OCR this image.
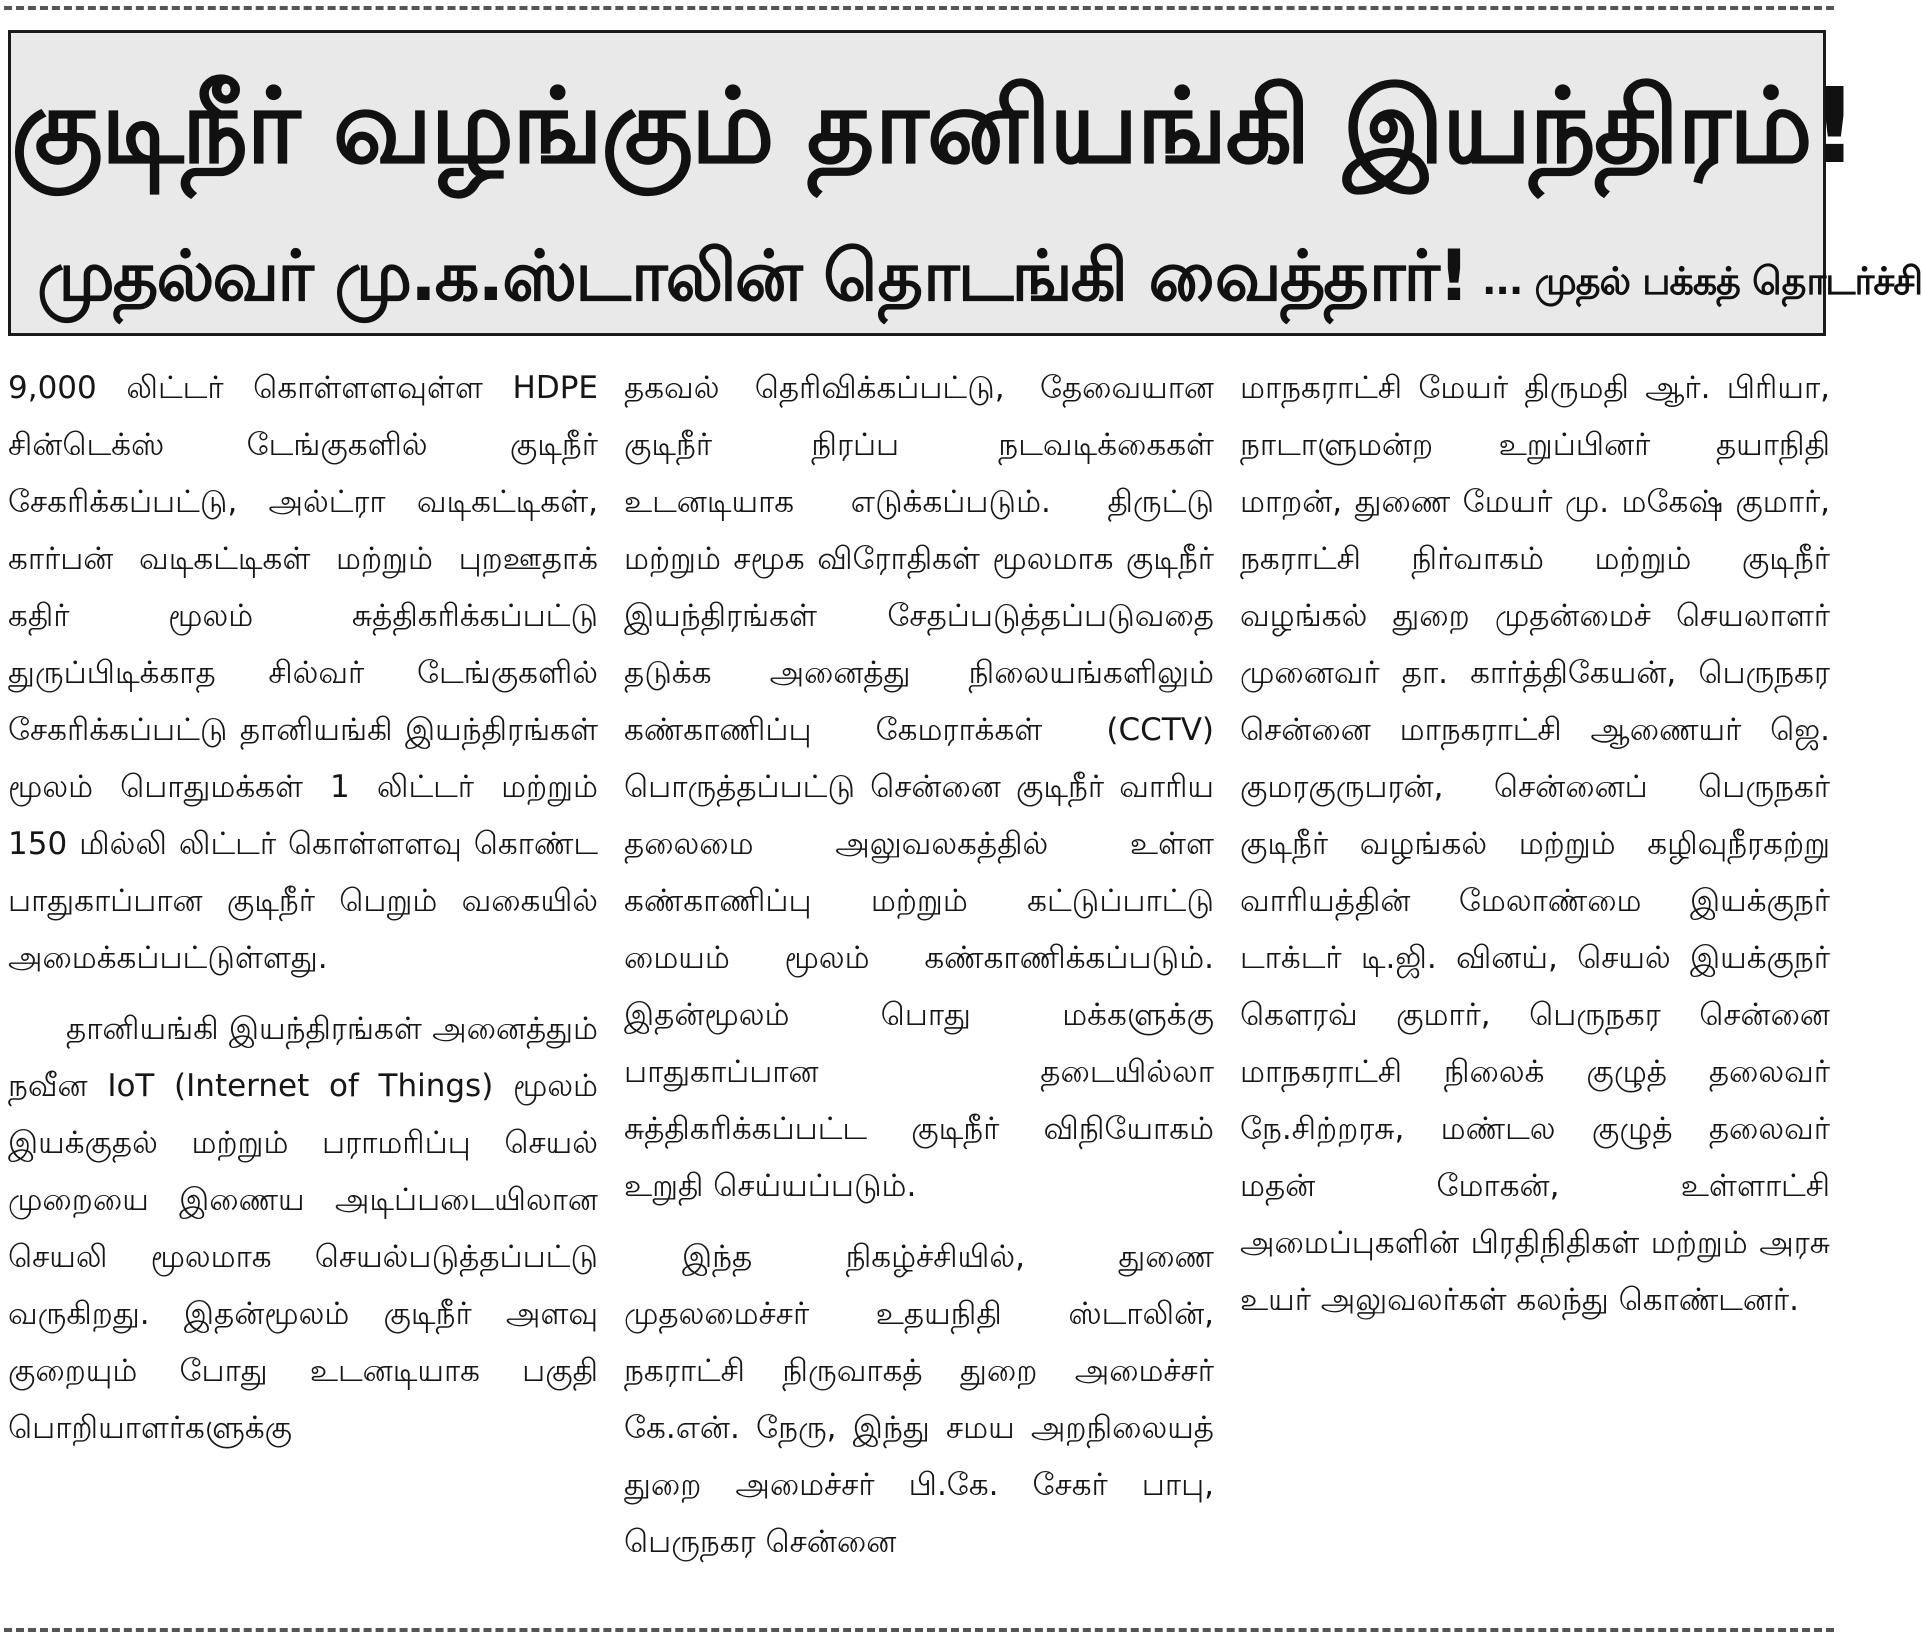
குடிநீர் வழங்கும் தானியங்கி இயந்திரம்!
முதல்வர் மு.க.ஸ்டாலின் தொடங்கி வைத்தார்! ... முதல் பக்கத் தொடர்ச்சி

9,000 லிட்டர் கொள்ளளவுள்ள HDPE சின்டெக்ஸ் டேங்குகளில் குடிநீர் சேகரிக்கப்பட்டு, அல்ட்ரா வடிகட்டிகள், கார்பன் வடிகட்டிகள் மற்றும் புறஊதாக் கதிர் மூலம் சுத்திகரிக்கப்பட்டு துருப்பிடிக்காத சில்வர் டேங்குகளில் சேகரிக்கப்பட்டு தானியங்கி இயந்திரங்கள் மூலம் பொதுமக்கள் 1 லிட்டர் மற்றும் 150 மில்லி லிட்டர் கொள்ளளவு கொண்ட பாதுகாப்பான குடிநீர் பெறும் வகையில் அமைக்கப்பட்டுள்ளது.

தானியங்கி இயந்திரங்கள் அனைத்தும் நவீன IoT (Internet of Things) மூலம் இயக்குதல் மற்றும் பராமரிப்பு செயல் முறையை இணைய அடிப்படையிலான செயலி மூலமாக செயல்படுத்தப்பட்டு வருகிறது. இதன்மூலம் குடிநீர் அளவு குறையும் போது உடனடியாக பகுதி பொறியாளர்களுக்கு

தகவல் தெரிவிக்கப்பட்டு, தேவையான குடிநீர் நிரப்ப நடவடிக்கைகள் உடனடியாக எடுக்கப்படும். திருட்டு மற்றும் சமூக விரோதிகள் மூலமாக குடிநீர் இயந்திரங்கள் சேதப்படுத்தப்படுவதை தடுக்க அனைத்து நிலையங்களிலும் கண்காணிப்பு கேமராக்கள் (CCTV) பொருத்தப்பட்டு சென்னை குடிநீர் வாரிய தலைமை அலுவலகத்தில் உள்ள கண்காணிப்பு மற்றும் கட்டுப்பாட்டு மையம் மூலம் கண்காணிக்கப்படும். இதன்மூலம் பொது மக்களுக்கு பாதுகாப்பான தடையில்லா சுத்திகரிக்கப்பட்ட குடிநீர் விநியோகம் உறுதி செய்யப்படும்.

இந்த நிகழ்ச்சியில், துணை முதலமைச்சர் உதயநிதி ஸ்டாலின், நகராட்சி நிருவாகத் துறை அமைச்சர் கே.என். நேரு, இந்து சமய அறநிலையத் துறை அமைச்சர் பி.கே. சேகர் பாபு, பெருநகர சென்னை

மாநகராட்சி மேயர் திருமதி ஆர். பிரியா, நாடாளுமன்ற உறுப்பினர் தயாநிதி மாறன், துணை மேயர் மு. மகேஷ் குமார், நகராட்சி நிர்வாகம் மற்றும் குடிநீர் வழங்கல் துறை முதன்மைச் செயலாளர் முனைவர் தா. கார்த்திகேயன், பெருநகர சென்னை மாநகராட்சி ஆணையர் ஜெ. குமரகுருபரன், சென்னைப் பெருநகர் குடிநீர் வழங்கல் மற்றும் கழிவுநீரகற்று வாரியத்தின் மேலாண்மை இயக்குநர் டாக்டர் டி.ஜி. வினய், செயல் இயக்குநர் கௌரவ் குமார், பெருநகர சென்னை மாநகராட்சி நிலைக் குழுத் தலைவர் நே.சிற்றரசு, மண்டல குழுத் தலைவர் மதன் மோகன், உள்ளாட்சி அமைப்புகளின் பிரதிநிதிகள் மற்றும் அரசு உயர் அலுவலர்கள் கலந்து கொண்டனர்.
